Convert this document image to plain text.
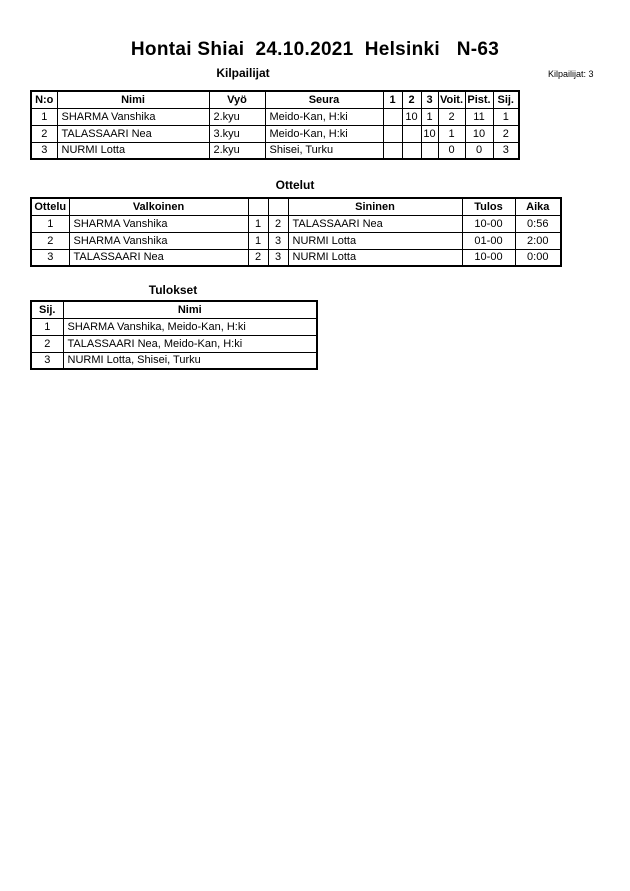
Hontai Shiai  24.10.2021  Helsinki   N-63
Kilpailijat: 3
Kilpailijat
N:o	Nimi	Vyö	Seura	1	2	3	Voit.	Pist.	Sij.
1	SHARMA Vanshika	2.kyu	Meido-Kan, H:ki		10	1	2	11	1
2	TALASSAARI Nea	3.kyu	Meido-Kan, H:ki			10	1	10	2
3	NURMI Lotta	2.kyu	Shisei, Turku				0	0	3
Ottelut
Ottelu	Valkoinen			Sininen	Tulos	Aika
1	SHARMA Vanshika	1	2	TALASSAARI Nea	10-00	0:56
2	SHARMA Vanshika	1	3	NURMI Lotta	01-00	2:00
3	TALASSAARI Nea	2	3	NURMI Lotta	10-00	0:00
Tulokset
Sij.	Nimi
1	SHARMA Vanshika, Meido-Kan, H:ki
2	TALASSAARI Nea, Meido-Kan, H:ki
3	NURMI Lotta, Shisei, Turku
